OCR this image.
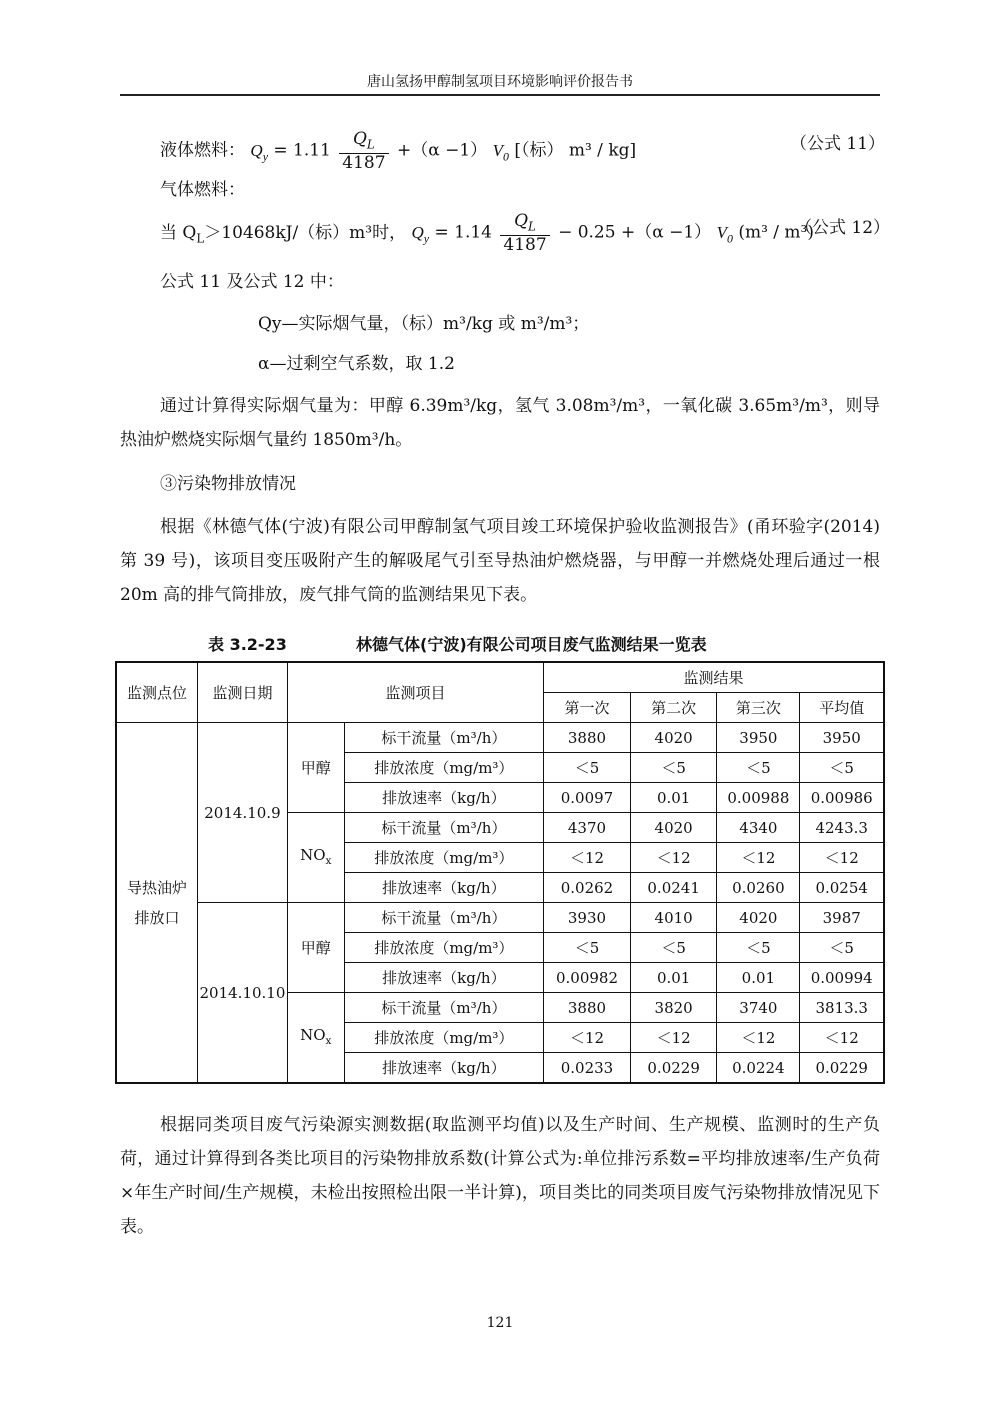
唐山氢扬甲醇制氢项目环境影响评价报告书
液体燃料： $Q_y = 1.11 \frac{Q_L}{4187} +(\alpha -1)$ $V_0$ [（标） m³ / kg]	（公式 11）
气体燃料：
当 $Q_L>10468kJ/$（标）m³时， $Q_y = 1.14 \frac{Q_L}{4187} - 0.25 +(\alpha -1)$ $V_0$ (m³ / m³)
（公式 12）
公式 11 及公式 12 中：
Qy—实际烟气量，（标）m³/kg 或 m³/m³；
α—过剩空气系数，取 1.2
通过计算得实际烟气量为：甲醇 6.39m³/kg，氢气 3.08m³/m³，一氧化碳 3.65m³/m³，则导热油炉燃烧实际烟气量约 1850m³/h。
③污染物排放情况
根据《林德气体(宁波)有限公司甲醇制氢气项目竣工环境保护验收监测报告》(甬环验字(2014)第 39 号)，该项目变压吸附产生的解吸尾气引至导热油炉燃烧器，与甲醇一并燃烧处理后通过一根 20m 高的排气筒排放，废气排气筒的监测结果见下表。
表 3.2-23	林德气体(宁波)有限公司项目废气监测结果一览表
监测点位	监测日期	监测项目		监测结果			
				第一次	第二次	第三次	平均值
导热油炉排放口	2014.10.9	甲醇	标干流量（m³/h）	3880	4020	3950	3950
			排放浓度（mg/m³）	＜5	＜5	＜5	＜5
			排放速率（kg/h）	0.0097	0.01	0.00988	0.00986
		$NO_x$	标干流量（m³/h）	4370	4020	4340	4243.3
			排放浓度（mg/m³）	＜12	＜12	＜12	＜12
			排放速率（kg/h）	0.0262	0.0241	0.0260	0.0254
	2014.10.10	甲醇	标干流量（m³/h）	3930	4010	4020	3987
			排放浓度（mg/m³）	＜5	＜5	＜5	＜5
			排放速率（kg/h）	0.00982	0.01	0.01	0.00994
		$NO_x$	标干流量（m³/h）	3880	3820	3740	3813.3
			排放浓度（mg/m³）	＜12	＜12	＜12	＜12
			排放速率（kg/h）	0.0233	0.0229	0.0224	0.0229
根据同类项目废气污染源实测数据(取监测平均值)以及生产时间、生产规模、监测时的生产负荷，通过计算得到各类比项目的污染物排放系数(计算公式为:单位排污系数=平均排放速率/生产负荷×年生产时间/生产规模，未检出按照检出限一半计算)，项目类比的同类项目废气污染物排放情况见下表。
121
